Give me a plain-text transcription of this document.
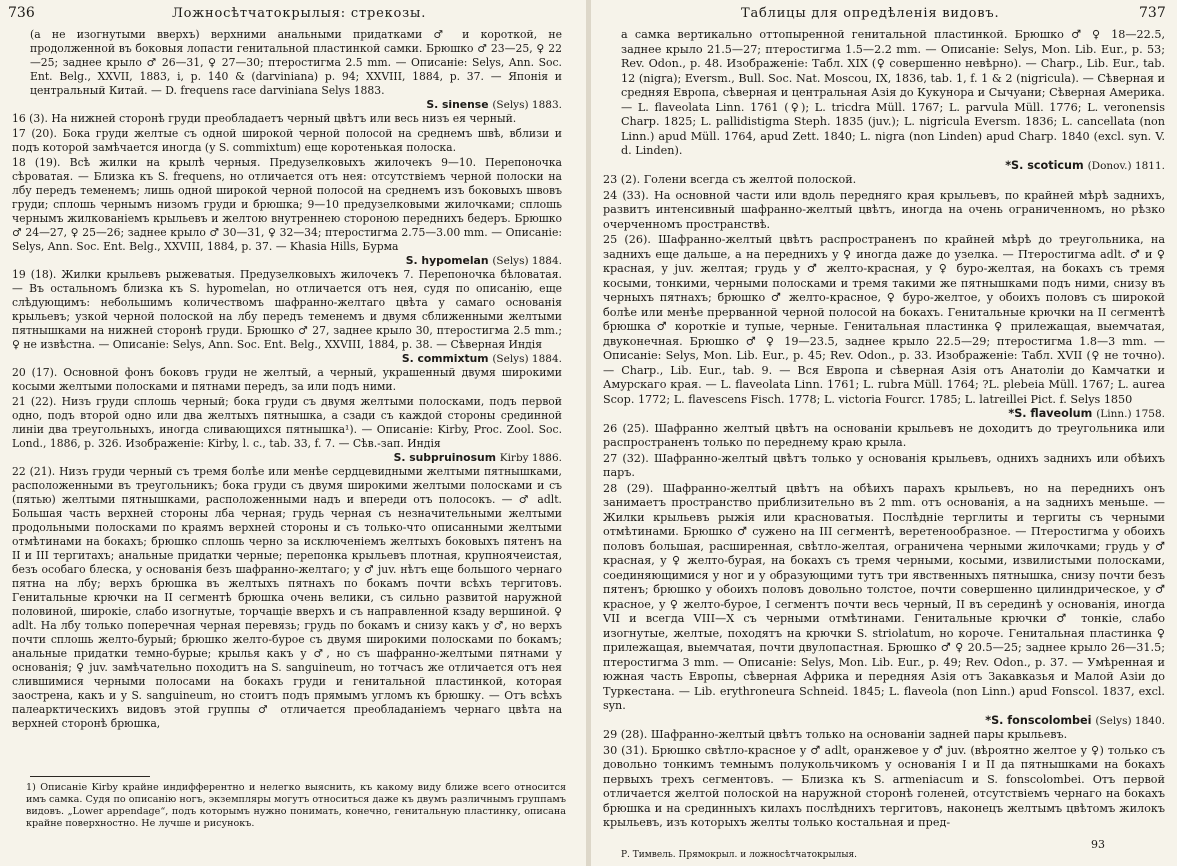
736	Ложносѣтчатокрылыя: стрекозы.
(а не изогнутыми вверхъ) верхними анальными придатками ♂ и короткой, не продолженной въ боковыя лопасти генитальной пластинкой самки. Брюшко ♂ 23—25, ♀ 22—25; заднее крыло ♂ 26—31, ♀ 27—30; птеростигма 2.5 mm. — Описаніе: Selys, Ann. Soc. Ent. Belg., XXVII, 1883, i, p. 140 & (darviniana) p. 94; XXVIII, 1884, p. 37. — Японія и центральный Китай. — D. frequens race darviniana Selys 1883.
S. sinense (Selys) 1883.
16 (3). На нижней сторонѣ груди преобладаетъ черный цвѣтъ или весь низъ ея черный.
17 (20). Бока груди желтые съ одной широкой черной полосой на среднемъ швѣ, вблизи и подъ которой замѣчается иногда (у S. commixtum) еще коротенькая полоска.
18 (19). Всѣ жилки на крылѣ черныя. Предузелковыхъ жилочекъ 9—10. Перепоночка сѣроватая. — Близка къ S. frequens, но отличается отъ нея: отсутствіемъ черной полоски на лбу передъ теменемъ; лишь одной широкой черной полосой на среднемъ изъ боковыхъ швовъ груди; сплошь чернымъ низомъ груди и брюшка; 9—10 предузелковыми жилочками; сплошь чернымъ жилкованіемъ крыльевъ и желтою внутреннею стороною переднихъ бедеръ. Брюшко ♂ 24—27, ♀ 25—26; заднее крыло ♂ 30—31, ♀ 32—34; птеростигма 2.75—3.00 mm. — Описаніе: Selys, Ann. Soc. Ent. Belg., XXVIII, 1884, p. 37. — Khasia Hills, Бурма
S. hypomelan (Selys) 1884.
19 (18). Жилки крыльевъ рыжеватыя. Предузелковыхъ жилочекъ 7. Перепоночка бѣловатая. — Въ остальномъ близка къ S. hypomelan, но отличается отъ нея, судя по описанію, еще слѣдующимъ: небольшимъ количествомъ шафранно-желтаго цвѣта у самаго основанія крыльевъ; узкой черной полоской на лбу передъ теменемъ и двумя сближенными желтыми пятнышками на нижней сторонѣ груди. Брюшко ♂ 27, заднее крыло 30, птеростигма 2.5 mm.; ♀ не извѣстна. — Описаніе: Selys, Ann. Soc. Ent. Belg., XXVIII, 1884, p. 38. — Сѣверная Индія
S. commixtum (Selys) 1884.
20 (17). Основной фонъ боковъ груди не желтый, а черный, украшенный двумя широкими косыми желтыми полосками и пятнами передъ, за или подъ ними.
21 (22). Низъ груди сплошь черный; бока груди съ двумя желтыми полосками, подъ первой одно, подъ второй одно или два желтыхъ пятнышка, а сзади съ каждой стороны срединной линіи два треугольныхъ, иногда сливающихся пятнышка¹). — Описаніе: Kirby, Proc. Zool. Soc. Lond., 1886, p. 326. Изображеніе: Kirby, l. c., tab. 33, f. 7. — Сѣв.-зап. Индія
S. subpruinosum Kirby 1886.
22 (21). Низъ груди черный съ тремя болѣе или менѣе сердцевидными желтыми пятнышками, расположенными въ треугольникъ; бока груди съ двумя широкими желтыми полосками и съ (пятью) желтыми пятнышками, расположенными надъ и впереди отъ полосокъ. — ♂ adlt. Большая часть верхней стороны лба черная; грудь черная съ незначительными желтыми продольными полосками по краямъ верхней стороны и съ только-что описанными желтыми отмѣтинами на бокахъ; брюшко сплошь черно за исключеніемъ желтыхъ боковыхъ пятенъ на II и III тергитахъ; анальные придатки черные; перепонка крыльевъ плотная, крупноячеистая, безъ особаго блеска, у основанія безъ шафранно-желтаго; у ♂ juv. нѣтъ еще большого чернаго пятна на лбу; верхъ брюшка въ желтыхъ пятнахъ по бокамъ почти всѣхъ тергитовъ. Генитальные крючки на II сегментѣ брюшка очень велики, съ сильно развитой наружной половиной, широкіе, слабо изогнутые, торчащіе вверхъ и съ направленной кзаду вершиной. ♀ adlt. На лбу только поперечная черная перевязь; грудь по бокамъ и снизу какъ у ♂, но верхъ почти сплошь желто-бурый; брюшко желто-бурое съ двумя широкими полосками по бокамъ; анальные придатки темно-бурые; крылья какъ у ♂, но съ шафранно-желтыми пятнами у основанія; ♀ juv. замѣчательно походитъ на S. sanguineum, но тотчасъ же отличается отъ нея слившимися черными полосами на бокахъ груди и генитальной пластинкой, которая заострена, какъ и у S. sanguineum, но стоитъ подъ прямымъ угломъ къ брюшку. — Отъ всѣхъ палеарктическихъ видовъ этой группы ♂ отличается преобладаніемъ чернаго цвѣта на верхней сторонѣ брюшка,
1) Описаніе Kirby крайне индифферентно и нелегко выяснить, къ какому виду ближе всего относится имъ самка. Судя по описанію ногъ, экземпляры могутъ относиться даже къ двумъ различнымъ группамъ видовъ. „Lower appendage“, подъ которымъ нужно понимать, конечно, генитальную пластинку, описана крайне поверхностно. Не лучше и рисунокъ.
Таблицы для опредѣленія видовъ.	737
а самка вертикально оттопыренной генитальной пластинкой. Брюшко ♂ ♀ 18—22.5, заднее крыло 21.5—27; птеростигма 1.5—2.2 mm. — Описаніе: Selys, Mon. Lib. Eur., p. 53; Rev. Odon., p. 48. Изображеніе: Табл. XIX (♀ совершенно невѣрно). — Charp., Lib. Eur., tab. 12 (nigra); Eversm., Bull. Soc. Nat. Moscou, IX, 1836, tab. 1, f. 1 & 2 (nigricula). — Сѣверная и средняя Европа, сѣверная и центральная Азія до Кукунора и Сычуани; Сѣверная Америка. — L. flaveolata Linn. 1761 (♀); L. tricdra Müll. 1767; L. parvula Müll. 1776; L. veronensis Charp. 1825; L. pallidistigma Steph. 1835 (juv.); L. nigricula Eversm. 1836; L. cancellata (non Linn.) apud Müll. 1764, apud Zett. 1840; L. nigra (non Linden) apud Charp. 1840 (excl. syn. V. d. Linden).
*S. scoticum (Donov.) 1811.
23 (2). Голени всегда съ желтой полоской.
24 (33). На основной части или вдоль передняго края крыльевъ, по крайней мѣрѣ заднихъ, развитъ интенсивный шафранно-желтый цвѣтъ, иногда на очень ограниченномъ, но рѣзко очерченномъ пространствѣ.
25 (26). Шафранно-желтый цвѣтъ распространенъ по крайней мѣрѣ до треугольника, на заднихъ еще дальше, а на переднихъ у ♀ иногда даже до узелка. — Птеростигма adlt. ♂ и ♀ красная, у juv. желтая; грудь у ♂ желто-красная, у ♀ буро-желтая, на бокахъ съ тремя косыми, тонкими, черными полосками и тремя такими же пятнышками подъ ними, снизу въ черныхъ пятнахъ; брюшко ♂ желто-красное, ♀ буро-желтое, у обоихъ половъ съ широкой болѣе или менѣе прерванной черной полосой на бокахъ. Генитальные крючки на II сегментѣ брюшка ♂ короткіе и тупые, черные. Генитальная пластинка ♀ прилежащая, выемчатая, двуконечная. Брюшко ♂ ♀ 19—23.5, заднее крыло 22.5—29; птеростигма 1.8—3 mm. — Описаніе: Selys, Mon. Lib. Eur., p. 45; Rev. Odon., p. 33. Изображеніе: Табл. XVII (♀ не точно). — Charp., Lib. Eur., tab. 9. — Вся Европа и сѣверная Азія отъ Анатоліи до Камчатки и Амурскаго края. — L. flaveolata Linn. 1761; L. rubra Müll. 1764; ?L. plebeia Müll. 1767; L. aurea Scop. 1772; L. flavescens Fisch. 1778; L. victoria Fourcr. 1785; L. latreillei Pict. f. Selys 1850
*S. flaveolum (Linn.) 1758.
26 (25). Шафранно желтый цвѣтъ на основаніи крыльевъ не доходитъ до треугольника или распространенъ только по переднему краю крыла.
27 (32). Шафранно-желтый цвѣтъ только у основанія крыльевъ, однихъ заднихъ или обѣихъ паръ.
28 (29). Шафранно-желтый цвѣтъ на обѣихъ парахъ крыльевъ, но на переднихъ онъ занимаетъ пространство приблизительно въ 2 mm. отъ основанія, а на заднихъ меньше. — Жилки крыльевъ рыжія или красноватыя. Послѣдніе терглиты и тергиты съ черными отмѣтинами. Брюшко ♂ сужено на III сегментѣ, веретенообразное. — Птеростигма у обоихъ половъ большая, расширенная, свѣтло-желтая, ограничена черными жилочками; грудь у ♂ красная, у ♀ желто-бурая, на бокахъ съ тремя черными, косыми, извилистыми полосками, соединяющимися у ног и у образующими тутъ три явственныхъ пятнышка, снизу почти безъ пятенъ; брюшко у обоихъ половъ довольно толстое, почти совершенно цилиндрическое, у ♂ красное, у ♀ желто-бурое, I сегментъ почти весь черный, II въ серединѣ у основанія, иногда VII и всегда VIII—X съ черными отмѣтинами. Генитальные крючки ♂ тонкіе, слабо изогнутые, желтые, походятъ на крючки S. striolatum, но короче. Генитальная пластинка ♀ прилежащая, выемчатая, почти двулопастная. Брюшко ♂ ♀ 20.5—25; заднее крыло 26—31.5; птеростигма 3 mm. — Описаніе: Selys, Mon. Lib. Eur., p. 49; Rev. Odon., p. 37. — Умѣренная и южная часть Европы, сѣверная Африка и передняя Азія отъ Закавказья и Малой Азіи до Туркестана. — Lib. erythroneura Schneid. 1845; L. flaveola (non Linn.) apud Fonscol. 1837, excl. syn.
*S. fonscolombei (Selys) 1840.
29 (28). Шафранно-желтый цвѣтъ только на основаніи задней пары крыльевъ.
30 (31). Брюшко свѣтло-красное у ♂ adlt, оранжевое у ♂ juv. (вѣроятно желтое у ♀) только съ довольно тонкимъ темнымъ полукольчикомъ у основанія I и II да пятнышками на бокахъ первыхъ трехъ сегментовъ. — Близка къ S. armeniacum и S. fonscolombei. Отъ первой отличается желтой полоской на наружной сторонѣ голеней, отсутствіемъ чернаго на бокахъ брюшка и на срединныхъ килахъ послѣднихъ тергитовъ, наконецъ желтымъ цвѣтомъ жилокъ крыльевъ, изъ которыхъ желты только костальная и пред-
Р. Тимвель. Прямокрыл. и ложносѣтчатокрылыя.
93
